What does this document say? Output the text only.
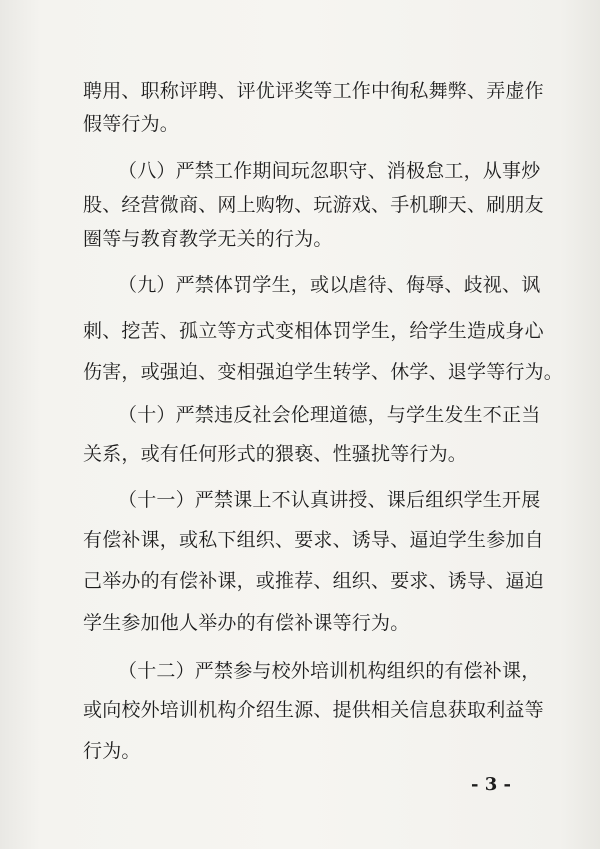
聘用、职称评聘、评优评奖等工作中徇私舞弊、弄虚作
假等行为。
（八）严禁工作期间玩忽职守、消极怠工，从事炒
股、经营微商、网上购物、玩游戏、手机聊天、刷朋友
圈等与教育教学无关的行为。
（九）严禁体罚学生，或以虐待、侮辱、歧视、讽
刺、挖苦、孤立等方式变相体罚学生，给学生造成身心
伤害，或强迫、变相强迫学生转学、休学、退学等行为。
（十）严禁违反社会伦理道德，与学生发生不正当
关系，或有任何形式的猥亵、性骚扰等行为。
（十一）严禁课上不认真讲授、课后组织学生开展
有偿补课，或私下组织、要求、诱导、逼迫学生参加自
己举办的有偿补课，或推荐、组织、要求、诱导、逼迫
学生参加他人举办的有偿补课等行为。
（十二）严禁参与校外培训机构组织的有偿补课，
或向校外培训机构介绍生源、提供相关信息获取利益等
行为。
- 3 -
